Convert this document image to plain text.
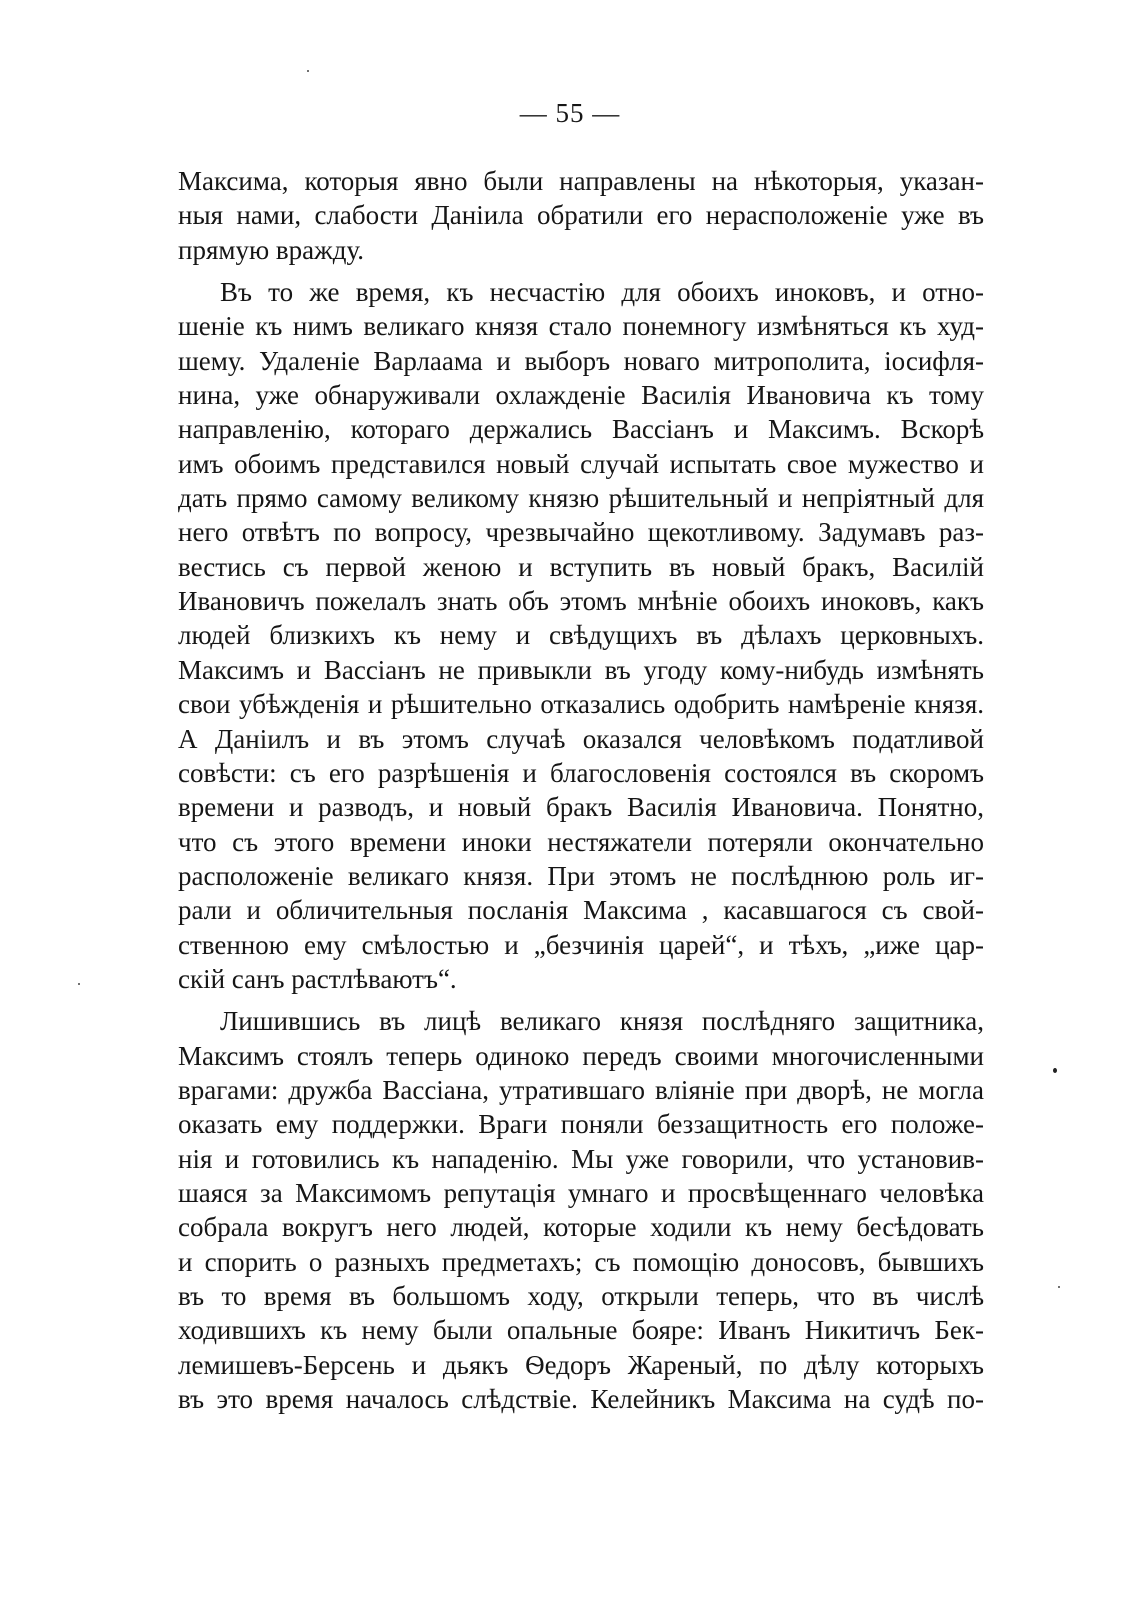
— 55 —
Максима, которыя явно были направлены на нѣкоторыя, указан-
ныя нами, слабости Даніила обратили его нерасположеніе уже въ
прямую вражду.
Въ то же время, къ несчастію для обоихъ иноковъ, и отно-
шеніе къ нимъ великаго князя стало понемногу измѣняться къ худ-
шему. Удаленіе Варлаама и выборъ новаго митрополита, іосифля-
нина, уже обнаруживали охлажденіе Василія Ивановича къ тому
направленію, котораго держались Вассіанъ и Максимъ. Вскорѣ
имъ обоимъ представился новый случай испытать свое мужество и
дать прямо самому великому князю рѣшительный и непріятный для
него отвѣтъ по вопросу, чрезвычайно щекотливому. Задумавъ раз-
вестись съ первой женою и вступить въ новый бракъ, Василій
Ивановичъ пожелалъ знать объ этомъ мнѣніе обоихъ иноковъ, какъ
людей близкихъ къ нему и свѣдущихъ въ дѣлахъ церковныхъ.
Максимъ и Вассіанъ не привыкли въ угоду кому-нибудь измѣнять
свои убѣжденія и рѣшительно отказались одобрить намѣреніе князя.
А Даніилъ и въ этомъ случаѣ оказался человѣкомъ податливой
совѣсти: съ его разрѣшенія и благословенія состоялся въ скоромъ
времени и разводъ, и новый бракъ Василія Ивановича. Понятно,
что съ этого времени иноки нестяжатели потеряли окончательно
расположеніе великаго князя. При этомъ не послѣднюю роль иг-
рали и обличительныя посланія Максима , касавшагося съ свой-
ственною ему смѣлостью и „безчинія царей“, и тѣхъ, „иже цар-
скій санъ растлѣваютъ“.
Лишившись въ лицѣ великаго князя послѣдняго защитника,
Максимъ стоялъ теперь одиноко передъ своими многочисленными
врагами: дружба Вассіана, утратившаго вліяніе при дворѣ, не могла
оказать ему поддержки. Враги поняли беззащитность его положе-
нія и готовились къ нападенію. Мы уже говорили, что установив-
шаяся за Максимомъ репутація умнаго и просвѣщеннаго человѣка
собрала вокругъ него людей, которые ходили къ нему бесѣдовать
и спорить о разныхъ предметахъ; съ помощію доносовъ, бывшихъ
въ то время въ большомъ ходу, открыли теперь, что въ числѣ
ходившихъ къ нему были опальные бояре: Иванъ Никитичъ Бек-
лемишевъ-Берсень и дьякъ Ѳедоръ Жареный, по дѣлу которыхъ
въ это время началось слѣдствіе. Келейникъ Максима на судѣ по-
